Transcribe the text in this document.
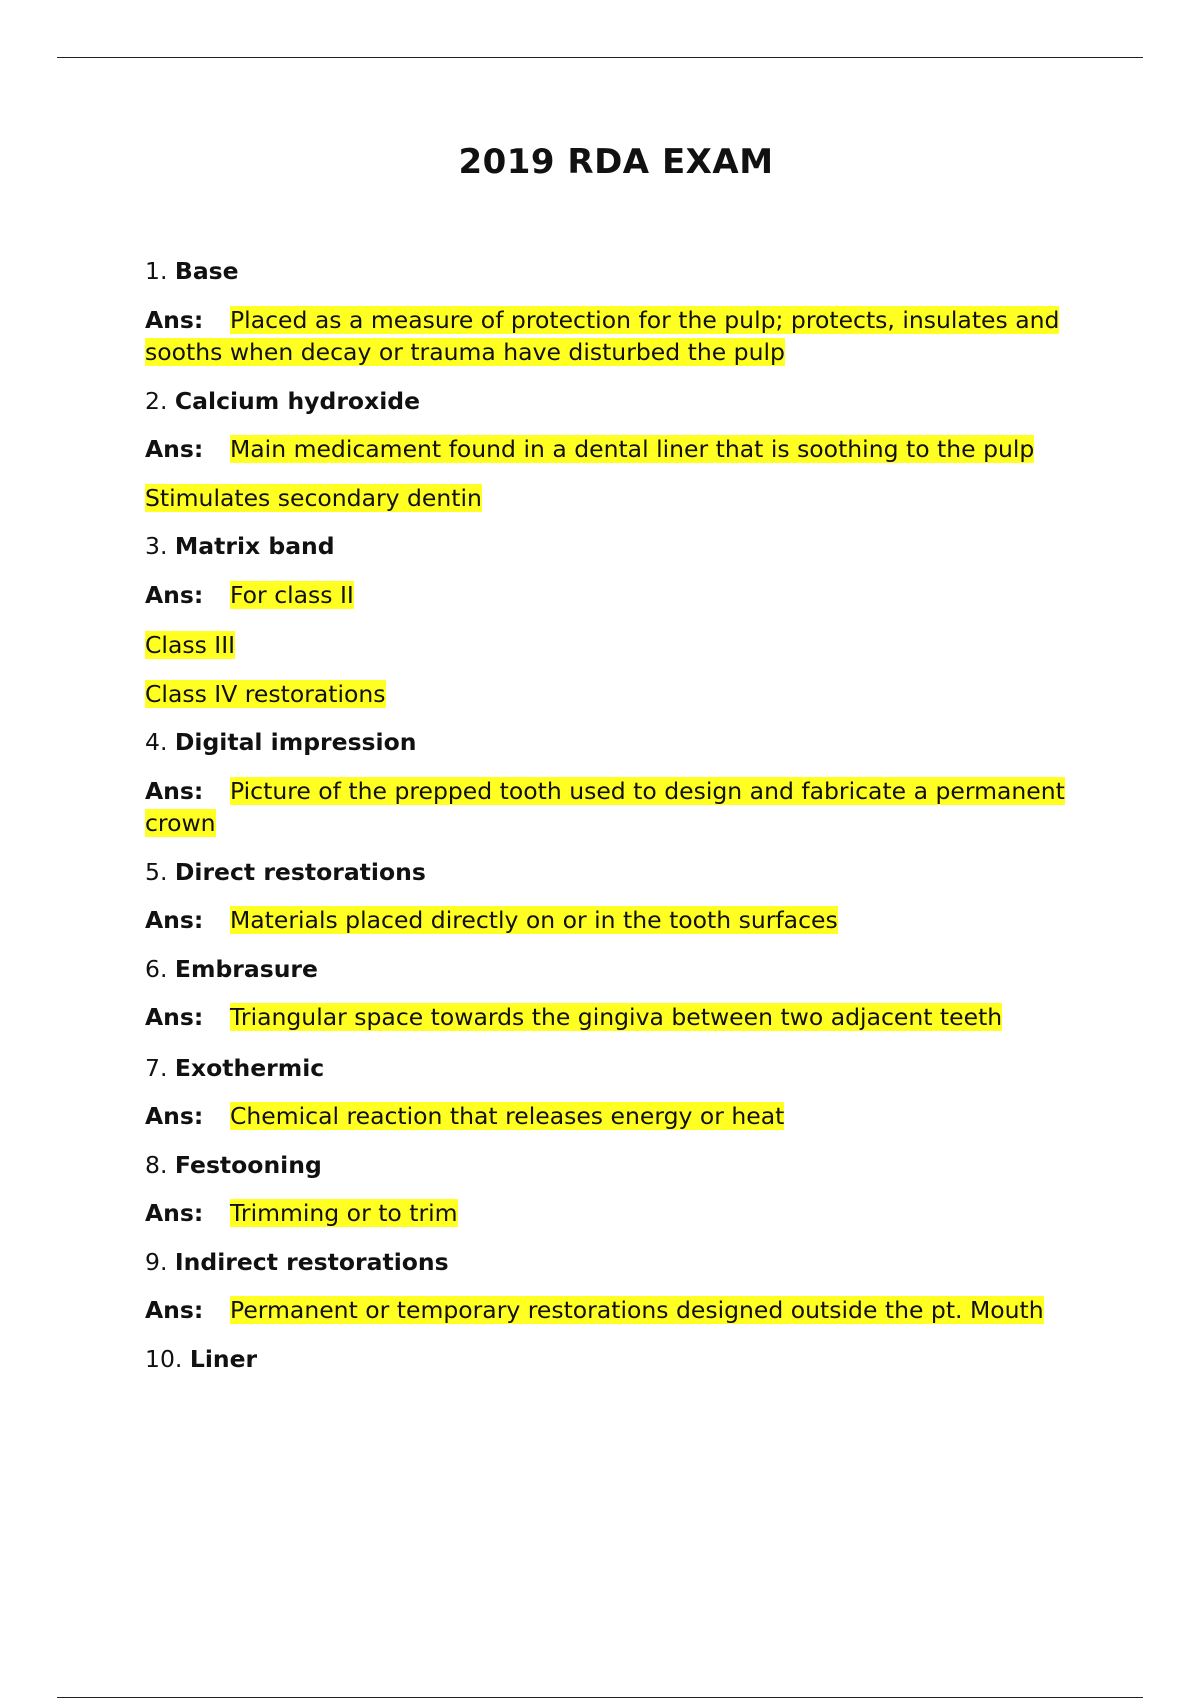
2019 RDA EXAM

1. Base

Ans: Placed as a measure of protection for the pulp; protects, insulates and sooths when decay or trauma have disturbed the pulp

2. Calcium hydroxide

Ans: Main medicament found in a dental liner that is soothing to the pulp

Stimulates secondary dentin

3. Matrix band

Ans: For class II

Class III

Class IV restorations

4. Digital impression

Ans: Picture of the prepped tooth used to design and fabricate a permanent crown

5. Direct restorations

Ans: Materials placed directly on or in the tooth surfaces

6. Embrasure

Ans: Triangular space towards the gingiva between two adjacent teeth

7. Exothermic

Ans: Chemical reaction that releases energy or heat

8. Festooning

Ans: Trimming or to trim

9. Indirect restorations

Ans: Permanent or temporary restorations designed outside the pt. Mouth

10. Liner
